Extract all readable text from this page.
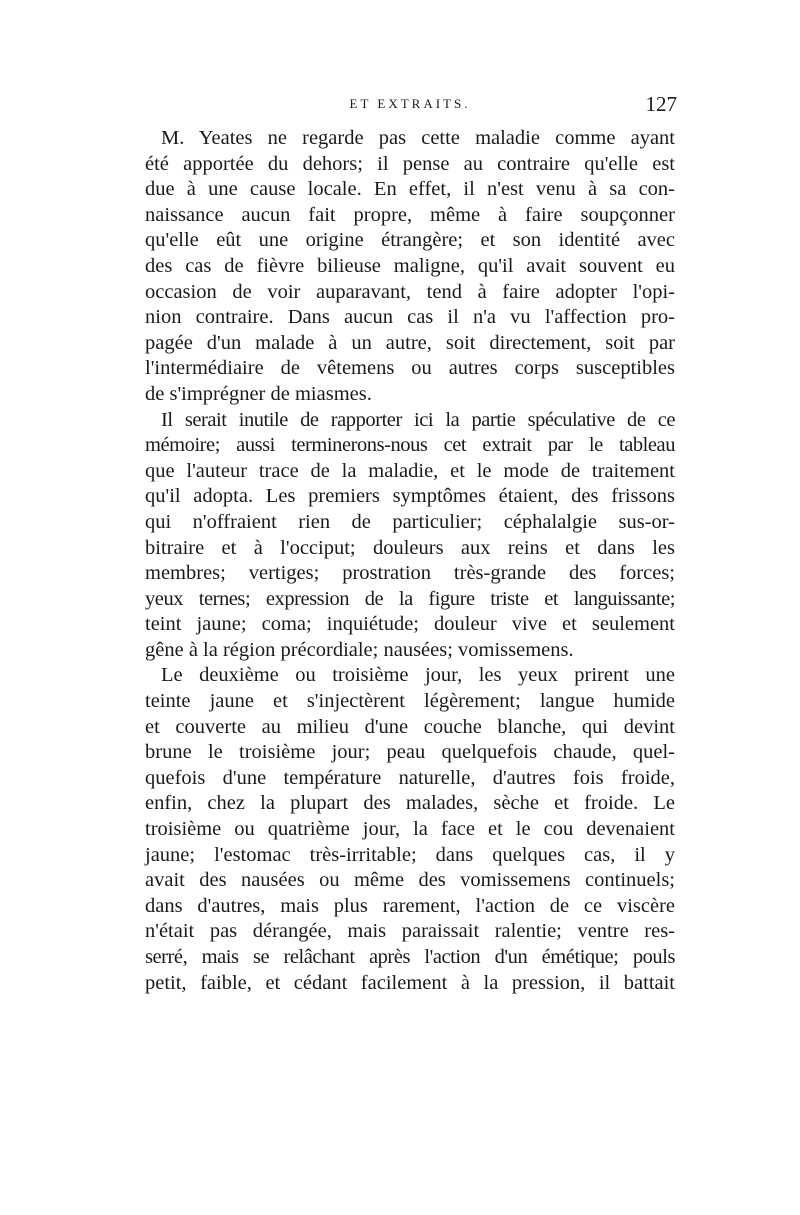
ET EXTRAITS.	127
M. Yeates ne regarde pas cette maladie comme ayant
été apportée du dehors; il pense au contraire qu'elle est
due à une cause locale. En effet, il n'est venu à sa con-
naissance aucun fait propre, même à faire soupçonner
qu'elle eût une origine étrangère; et son identité avec
des cas de fièvre bilieuse maligne, qu'il avait souvent eu
occasion de voir auparavant, tend à faire adopter l'opi-
nion contraire. Dans aucun cas il n'a vu l'affection pro-
pagée d'un malade à un autre, soit directement, soit par
l'intermédiaire de vêtemens ou autres corps susceptibles
de s'imprégner de miasmes.
Il serait inutile de rapporter ici la partie spéculative de ce
mémoire; aussi terminerons-nous cet extrait par le tableau
que l'auteur trace de la maladie, et le mode de traitement
qu'il adopta. Les premiers symptômes étaient, des frissons
qui n'offraient rien de particulier; céphalalgie sus-or-
bitraire et à l'occiput; douleurs aux reins et dans les
membres; vertiges; prostration très-grande des forces;
yeux ternes; expression de la figure triste et languissante;
teint jaune; coma; inquiétude; douleur vive et seulement
gêne à la région précordiale; nausées; vomissemens.
Le deuxième ou troisième jour, les yeux prirent une
teinte jaune et s'injectèrent légèrement; langue humide
et couverte au milieu d'une couche blanche, qui devint
brune le troisième jour; peau quelquefois chaude, quel-
quefois d'une température naturelle, d'autres fois froide,
enfin, chez la plupart des malades, sèche et froide. Le
troisième ou quatrième jour, la face et le cou devenaient
jaune; l'estomac très-irritable; dans quelques cas, il y
avait des nausées ou même des vomissemens continuels;
dans d'autres, mais plus rarement, l'action de ce viscère
n'était pas dérangée, mais paraissait ralentie; ventre res-
serré, mais se relâchant après l'action d'un émétique; pouls
petit, faible, et cédant facilement à la pression, il battait
